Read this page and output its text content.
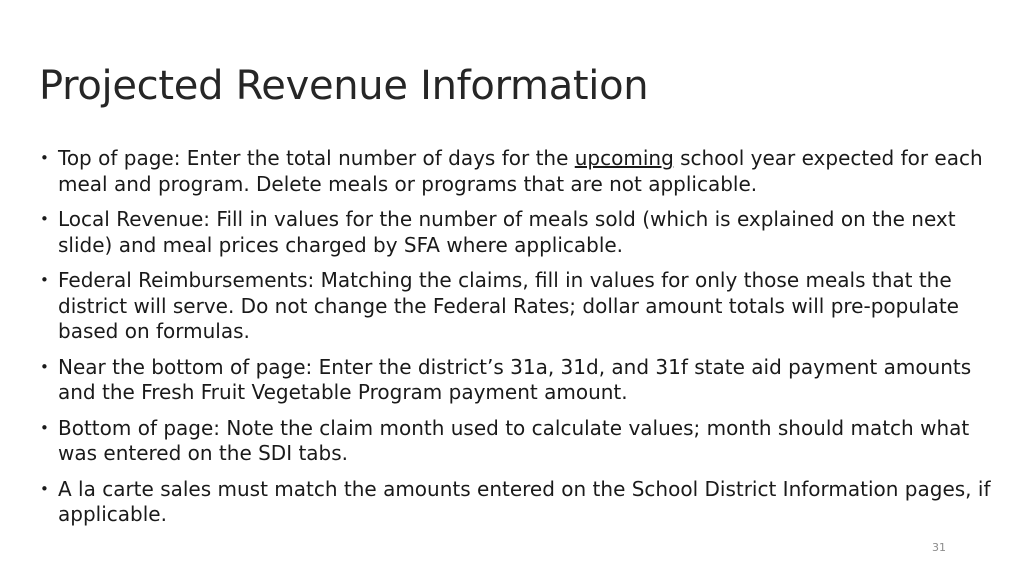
Projected Revenue Information
• Top of page: Enter the total number of days for the upcoming school year expected for each meal and program. Delete meals or programs that are not applicable.
• Local Revenue: Fill in values for the number of meals sold (which is explained on the next slide) and meal prices charged by SFA where applicable.
• Federal Reimbursements: Matching the claims, fill in values for only those meals that the district will serve. Do not change the Federal Rates; dollar amount totals will pre-populate based on formulas.
• Near the bottom of page: Enter the district’s 31a, 31d, and 31f state aid payment amounts and the Fresh Fruit Vegetable Program payment amount.
• Bottom of page: Note the claim month used to calculate values; month should match what was entered on the SDI tabs.
• A la carte sales must match the amounts entered on the School District Information pages, if applicable.
31
